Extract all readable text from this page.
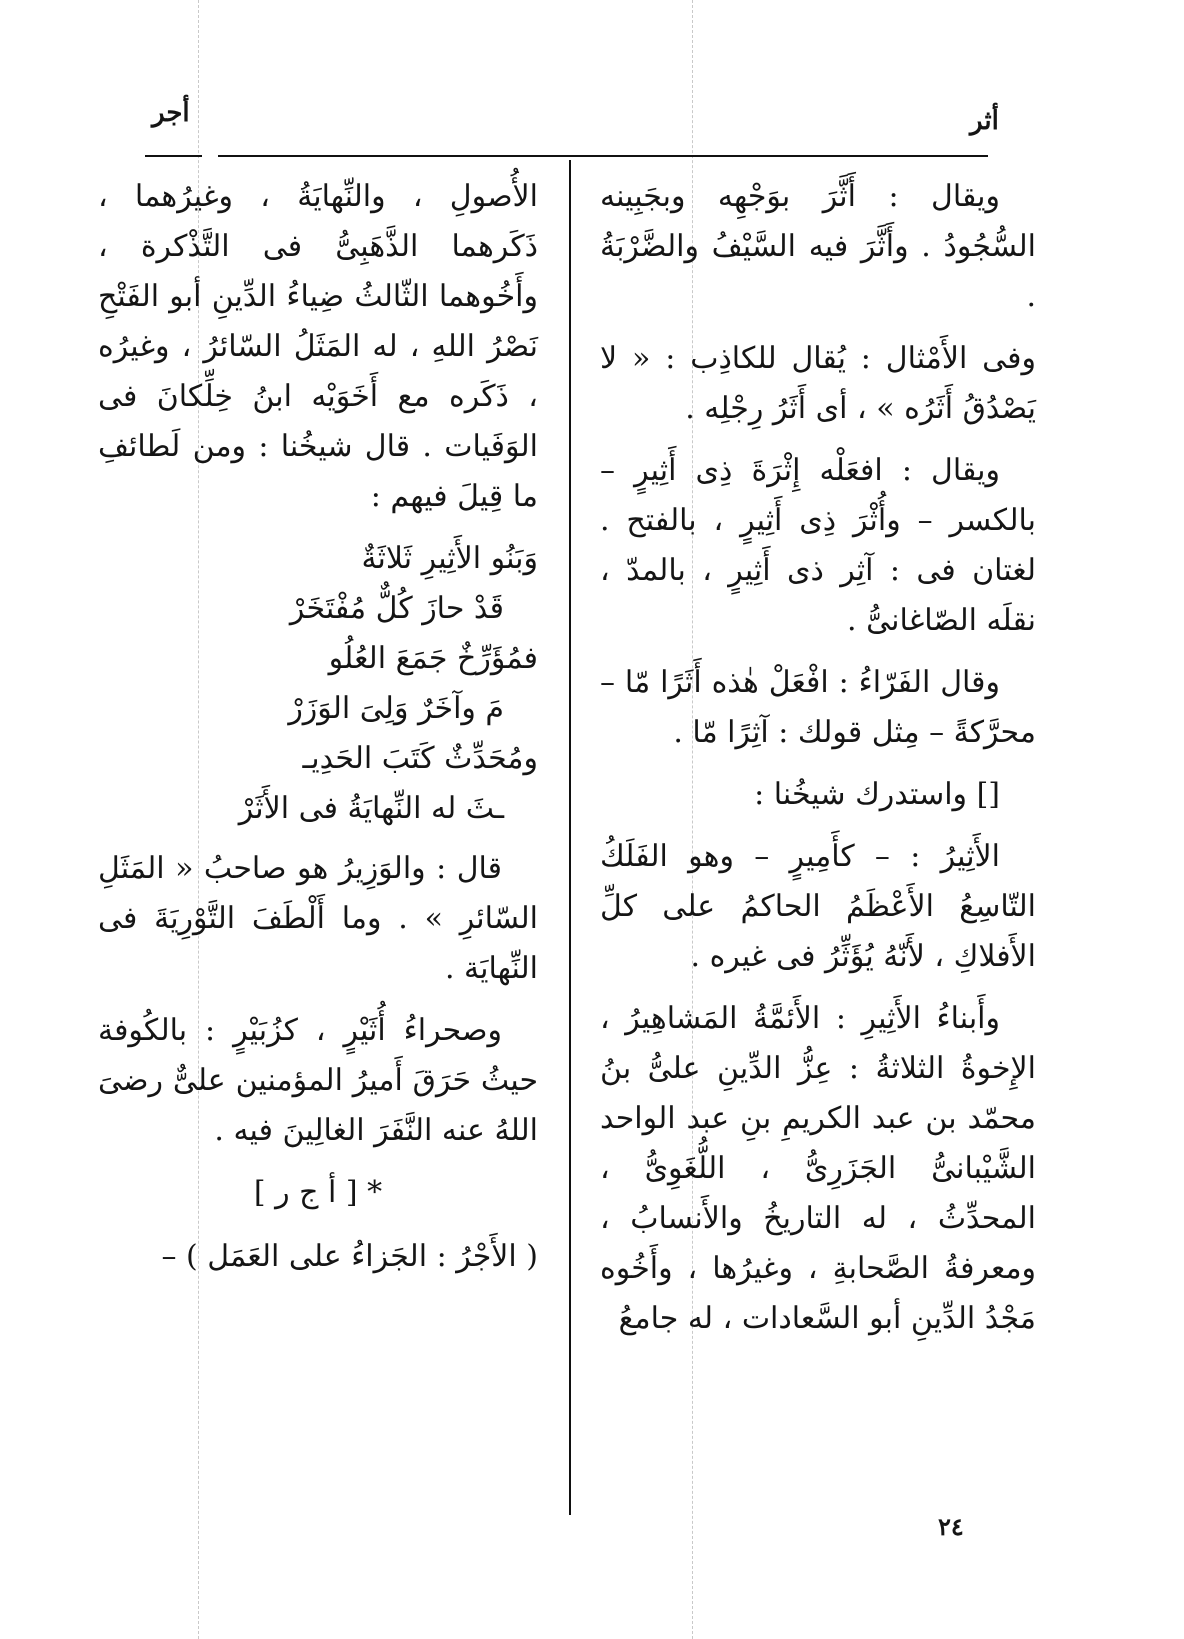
أجر	أثر

ويقال : أَثَّرَ بوَجْهِه وبجَبِينه السُّجُودُ . وأَثَّرَ فيه السَّيْفُ والضَّرْبَةُ .

وفى الأَمْثال : يُقال للكاذِب : « لا يَصْدُقُ أَثَرُه » ، أى أَثَرُ رِجْلِه .

ويقال : افعَلْه إِثْرَةَ ذِى أَثِيرٍ – بالكسر – وأُثْرَ ذِى أَثِيرٍ ، بالفتح . لغتان فى : آثِر ذى أَثِيرٍ ، بالمدّ ، نقلَه الصّاغانىُّ .

وقال الفَرّاءُ : افْعَلْ هٰذه أَثَرًا مّا – محرَّكةً – مِثل قولك : آثِرًا مّا .

[] واستدرك شيخُنا :

الأَثِيرُ : – كأَمِيرٍ – وهو الفَلَكُ التّاسِعُ الأَعْظَمُ الحاكمُ على كلِّ الأَفلاكِ ، لأَنّهُ يُؤَثِّرُ فى غيره .

وأَبناءُ الأَثِيرِ : الأَئمَّةُ المَشاهِيرُ ، الإِخوةُ الثلاثةُ : عِزُّ الدِّينِ علىُّ بنُ محمّد بن عبد الكريمِ بنِ عبد الواحد الشَّيْبانىُّ الجَزَرِىُّ ، اللُّغَوِىُّ ، المحدِّثُ ، له التاريخُ والأَنسابُ ، ومعرفةُ الصَّحابةِ ، وغيرُها ، وأَخُوه مَجْدُ الدِّينِ أبو السَّعادات ، له جامعُ

الأُصولِ ، والنِّهايَةُ ، وغيرُهما ، ذَكَرهما الذَّهَبِىُّ فى التَّذْكرة ، وأَخُوهما الثّالثُ ضِياءُ الدِّينِ أبو الفَتْحِ نَصْرُ اللهِ ، له المَثَلُ السّائرُ ، وغيرُه ، ذَكَره مع أَخَوَيْه ابنُ خِلِّكانَ فى الوَفَيات . قال شيخُنا : ومن لَطائفِ ما قِيلَ فيهم :

وَبَنُو الأَثِيرِ ثَلاثَةٌ

قَدْ حازَ كُلٌّ مُفْتَخَرْ

فمُؤَرِّخٌ جَمَعَ العُلُو

مَ وآخَرٌ وَلِىَ الوَزَرْ

ومُحَدِّثٌ كَتَبَ الحَدِيـ

ـثَ له النِّهايَةُ فى الأَثَرْ

قال : والوَزِيرُ هو صاحبُ « المَثَلِ السّائرِ » . وما أَلْطَفَ التَّوْرِيَةَ فى النِّهايَة .

وصحراءُ أُثَيْرٍ ، كزُبَيْرٍ : بالكُوفة حيثُ حَرَقَ أَميرُ المؤمنين علىٌّ رضىَ اللهُ عنه النَّفَرَ الغالِينَ فيه .

* [ أ ج ر ]

( الأَجْرُ : الجَزاءُ على العَمَل ) –

٢٤
